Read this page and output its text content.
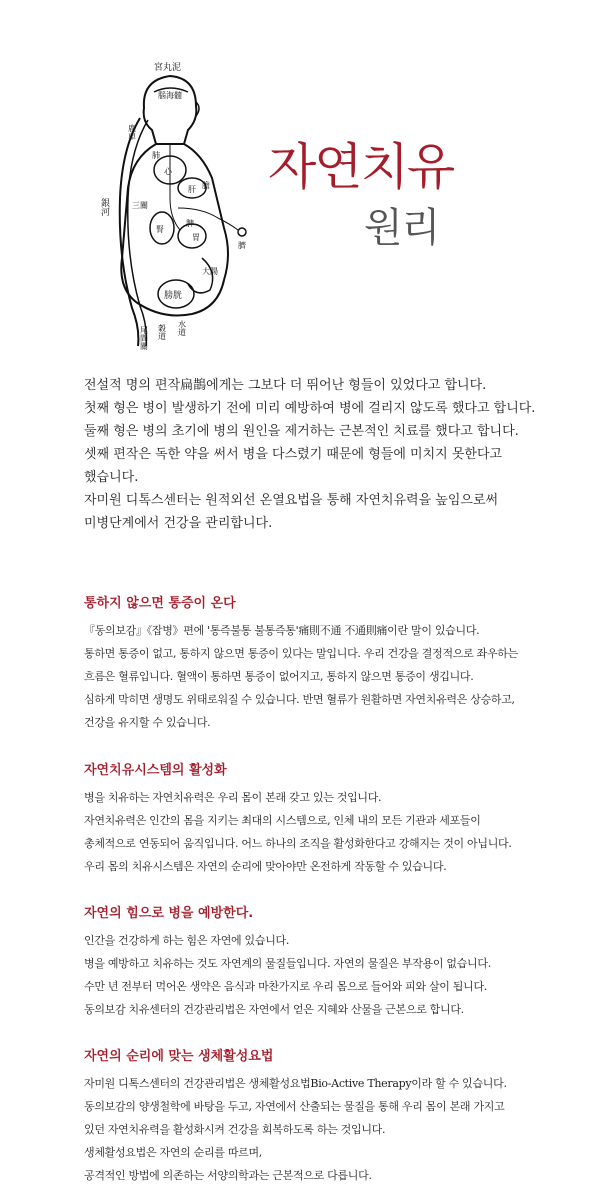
宮丸泥
腦海髓
鹿車
銀河	三關
心
肺
肝
脾
腎
胃
膽
膀胱
臍
大腸
穀道 水道
尾閭關
자연치유
원리

전설적 명의 편작扁鵲에게는 그보다 더 뛰어난 형들이 있었다고 합니다.

첫째 형은 병이 발생하기 전에 미리 예방하여 병에 걸리지 않도록 했다고 합니다.

둘째 형은 병의 초기에 병의 원인을 제거하는 근본적인 치료를 했다고 합니다.

셋째 편작은 독한 약을 써서 병을 다스렸기 때문에 형들에 미치지 못한다고

했습니다.

자미원 디톡스센터는 원적외선 온열요법을 통해 자연치유력을 높임으로써

미병단계에서 건강을 관리합니다.

통하지 않으면 통증이 온다

『동의보감』《잡병》편에 '통즉불통 불통즉통'痛則不通 不通則痛이란 말이 있습니다.

통하면 통증이 없고, 통하지 않으면 통증이 있다는 말입니다. 우리 건강을 결정적으로 좌우하는

흐름은 혈류입니다. 혈액이 통하면 통증이 없어지고, 통하지 않으면 통증이 생깁니다.

심하게 막히면 생명도 위태로워질 수 있습니다. 반면 혈류가 원활하면 자연치유력은 상승하고,

건강을 유지할 수 있습니다.

자연치유시스템의 활성화

병을 치유하는 자연치유력은 우리 몸이 본래 갖고 있는 것입니다.

자연치유력은 인간의 몸을 지키는 최대의 시스템으로, 인체 내의 모든 기관과 세포들이

총체적으로 연동되어 움직입니다. 어느 하나의 조직을 활성화한다고 강해지는 것이 아닙니다.

우리 몸의 치유시스템은 자연의 순리에 맞아야만 온전하게 작동할 수 있습니다.

자연의 힘으로 병을 예방한다.

인간을 건강하게 하는 힘은 자연에 있습니다.

병을 예방하고 치유하는 것도 자연계의 물질들입니다. 자연의 물질은 부작용이 없습니다.

수만 년 전부터 먹어온 생약은 음식과 마찬가지로 우리 몸으로 들어와 피와 살이 됩니다.

동의보감 치유센터의 건강관리법은 자연에서 얻은 지혜와 산물을 근본으로 합니다.

자연의 순리에 맞는 생체활성요법

자미원 디톡스센터의 건강관리법은 생체활성요법Bio-Active Therapy이라 할 수 있습니다.

동의보감의 양생철학에 바탕을 두고, 자연에서 산출되는 물질을 통해 우리 몸이 본래 가지고

있던 자연치유력을 활성화시켜 건강을 회복하도록 하는 것입니다.

생체활성요법은 자연의 순리를 따르며,

공격적인 방법에 의존하는 서양의학과는 근본적으로 다릅니다.
